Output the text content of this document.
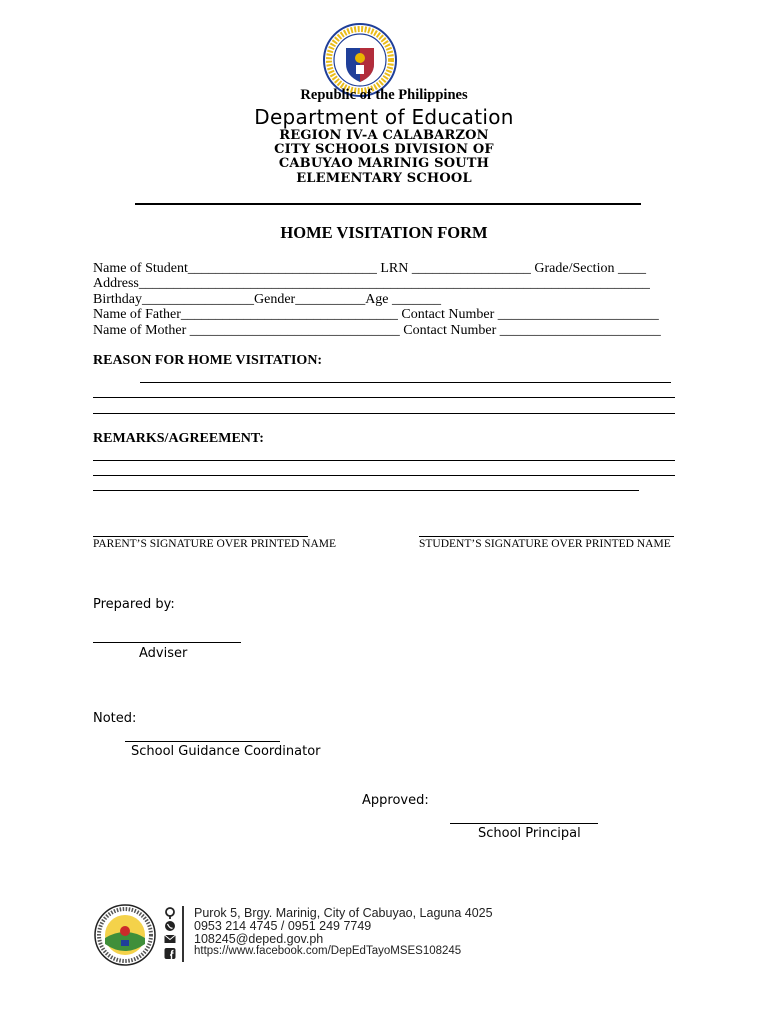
Republic of the Philippines
Department of Education
REGION IV-A CALABARZON
CITY SCHOOLS DIVISION OF
CABUYAO MARINIG SOUTH
ELEMENTARY SCHOOL
HOME VISITATION FORM
Name of Student___________________________ LRN _________________ Grade/Section ____
Address_________________________________________________________________________
Birthday________________Gender__________Age _______
Name of Father_______________________________ Contact Number _______________________
Name of Mother ______________________________ Contact Number _______________________
REASON FOR HOME VISITATION:
REMARKS/AGREEMENT:
PARENT’S SIGNATURE OVER PRINTED NAME	STUDENT’S SIGNATURE OVER PRINTED NAME
Prepared by:
Adviser
Noted:
School Guidance Coordinator
Approved:
School Principal
Purok 5, Brgy. Marinig, City of Cabuyao, Laguna 4025
0953 214 4745 / 0951 249 7749
108245@deped.gov.ph
https://www.facebook.com/DepEdTayoMSES108245
